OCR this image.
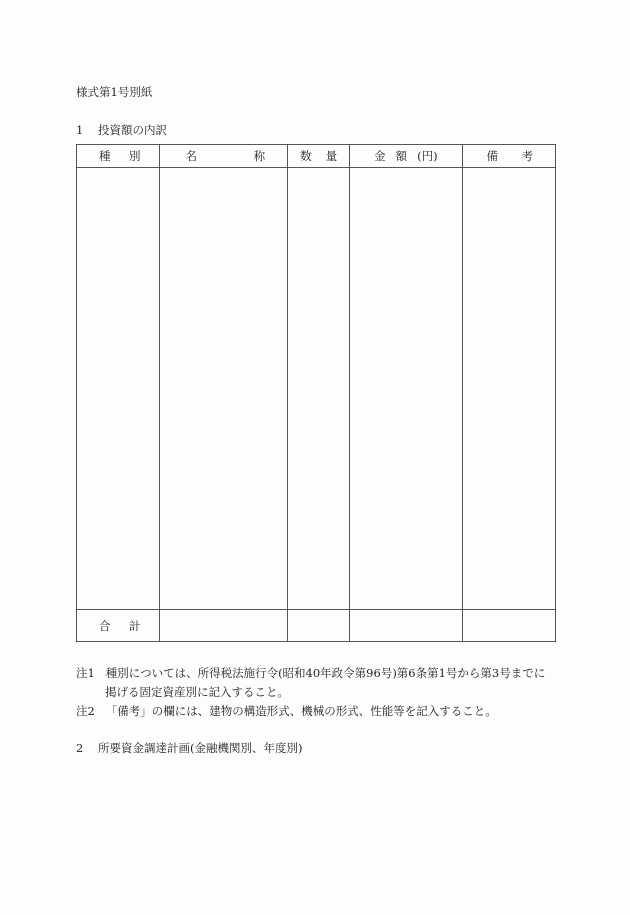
様式第1号別紙
1 投資額の内訳
種 別	名 称	数 量	金 額 (円)	備 考

合 計				

注1 種別については、所得税法施行令(昭和40年政令第96号)第6条第1号から第3号までに
掲げる固定資産別に記入すること。
注2 「備考」の欄には、建物の構造形式、機械の形式、性能等を記入すること。
2 所要資金調達計画(金融機関別、年度別)
